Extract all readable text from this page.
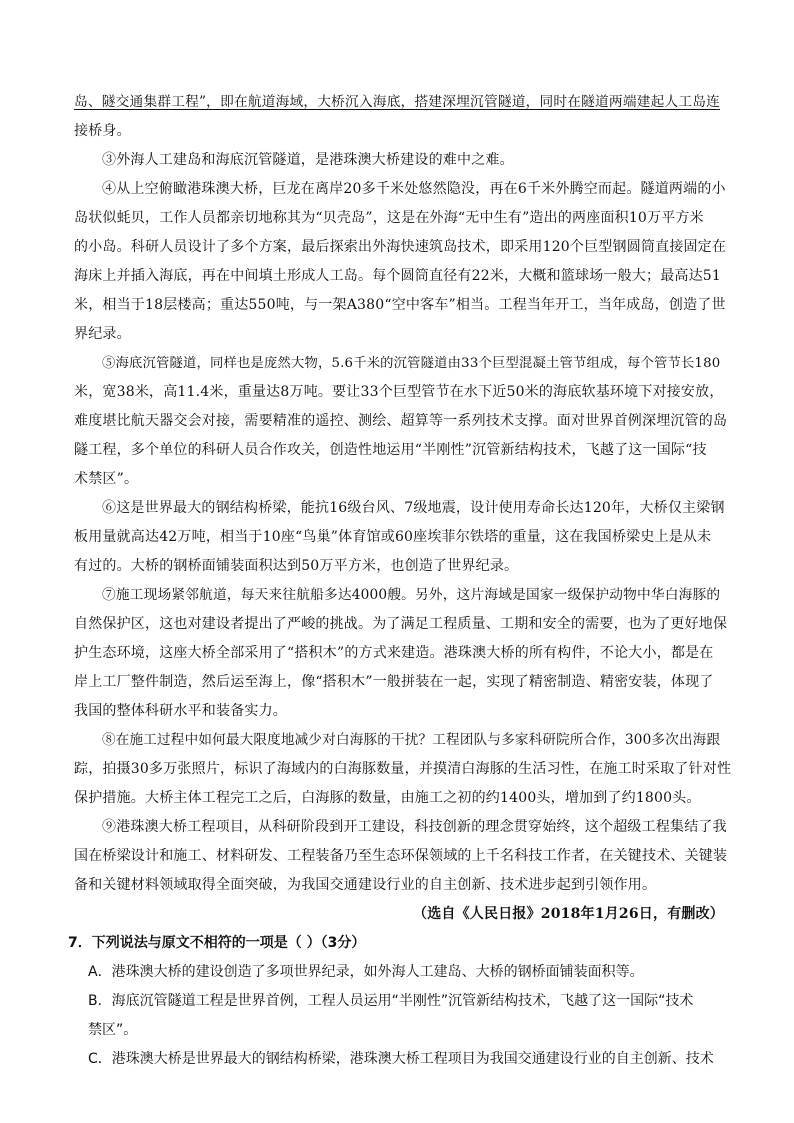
岛、隧交通集群工程”，即在航道海域，大桥沉入海底，搭建深埋沉管隧道，同时在隧道两端建起人工岛连
接桥身。
③外海人工建岛和海底沉管隧道，是港珠澳大桥建设的难中之难。
④从上空俯瞰港珠澳大桥，巨龙在离岸20多千米处悠然隐没，再在6千米外腾空而起。隧道两端的小
岛状似蚝贝，工作人员都亲切地称其为“贝壳岛”，这是在外海“无中生有”造出的两座面积10万平方米
的小岛。科研人员设计了多个方案，最后探索出外海快速筑岛技术，即采用120个巨型钢圆筒直接固定在
海床上并插入海底，再在中间填土形成人工岛。每个圆筒直径有22米，大概和篮球场一般大；最高达51
米，相当于18层楼高；重达550吨，与一架A380“空中客车”相当。工程当年开工，当年成岛，创造了世
界纪录。
⑤海底沉管隧道，同样也是庞然大物，5.6千米的沉管隧道由33个巨型混凝土管节组成，每个管节长180
米，宽38米，高11.4米，重量达8万吨。要让33个巨型管节在水下近50米的海底软基环境下对接安放，
难度堪比航天器交会对接，需要精准的遥控、测绘、超算等一系列技术支撑。面对世界首例深埋沉管的岛
隧工程，多个单位的科研人员合作攻关，创造性地运用“半刚性”沉管新结构技术，飞越了这一国际“技
术禁区”。
⑥这是世界最大的钢结构桥梁，能抗16级台风、7级地震，设计使用寿命长达120年，大桥仅主梁钢
板用量就高达42万吨，相当于10座“鸟巢”体育馆或60座埃菲尔铁塔的重量，这在我国桥梁史上是从未
有过的。大桥的钢桥面铺装面积达到50万平方米，也创造了世界纪录。
⑦施工现场紧邻航道，每天来往航船多达4000艘。另外，这片海域是国家一级保护动物中华白海豚的
自然保护区，这也对建设者提出了严峻的挑战。为了满足工程质量、工期和安全的需要，也为了更好地保
护生态环境，这座大桥全部采用了“搭积木”的方式来建造。港珠澳大桥的所有构件，不论大小，都是在
岸上工厂整件制造，然后运至海上，像“搭积木”一般拼装在一起，实现了精密制造、精密安装，体现了
我国的整体科研水平和装备实力。
⑧在施工过程中如何最大限度地减少对白海豚的干扰？工程团队与多家科研院所合作，300多次出海跟
踪，拍摄30多万张照片，标识了海域内的白海豚数量，并摸清白海豚的生活习性，在施工时采取了针对性
保护措施。大桥主体工程完工之后，白海豚的数量，由施工之初的约1400头，增加到了约1800头。
⑨港珠澳大桥工程项目，从科研阶段到开工建设，科技创新的理念贯穿始终，这个超级工程集结了我
国在桥梁设计和施工、材料研发、工程装备乃至生态环保领域的上千名科技工作者，在关键技术、关键装
备和关键材料领域取得全面突破，为我国交通建设行业的自主创新、技术进步起到引领作用。
（选自《人民日报》2018年1月26日，有删改）
7．下列说法与原文不相符的一项是（ ）（3分）
A．港珠澳大桥的建设创造了多项世界纪录，如外海人工建岛、大桥的钢桥面铺装面积等。
B．海底沉管隧道工程是世界首例，工程人员运用“半刚性”沉管新结构技术，飞越了这一国际“技术
禁区”。
C．港珠澳大桥是世界最大的钢结构桥梁，港珠澳大桥工程项目为我国交通建设行业的自主创新、技术
